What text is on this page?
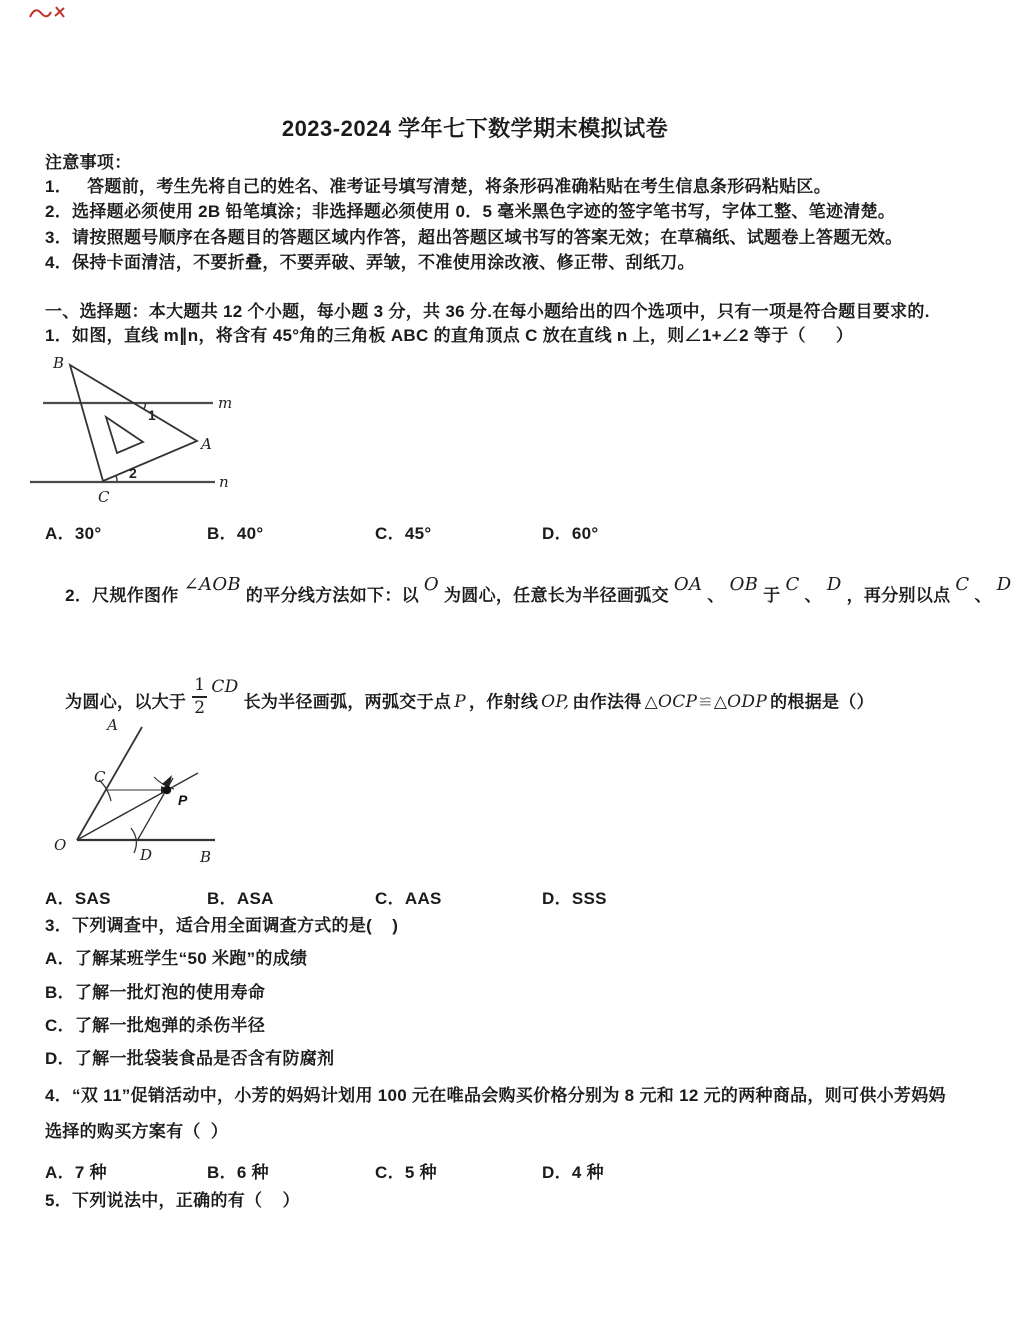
2023-2024 学年七下数学期末模拟试卷
注意事项：
1．   答题前，考生先将自己的姓名、准考证号填写清楚，将条形码准确粘贴在考生信息条形码粘贴区。
2．选择题必须使用 2B 铅笔填涂；非选择题必须使用 0．5 毫米黑色字迹的签字笔书写，字体工整、笔迹清楚。
3．请按照题号顺序在各题目的答题区域内作答，超出答题区域书写的答案无效；在草稿纸、试题卷上答题无效。
4．保持卡面清洁，不要折叠，不要弄破、弄皱，不准使用涂改液、修正带、刮纸刀。
一、选择题：本大题共 12 个小题，每小题 3 分，共 36 分.在每小题给出的四个选项中，只有一项是符合题目要求的.
1．如图，直线 m∥n，将含有 45°角的三角板 ABC 的直角顶点 C 放在直线 n 上，则∠1+∠2 等于（      ）
B
m
1
A
2	n
C
A．30°	B．40°	C．45°	D．60°

2．尺规作图作∠AOB的平分线方法如下：以O为圆心，任意长为半径画弧交OA、OB于C、D，再分别以点C、D

为圆心，以大于 $\frac{1}{2}$ CD长为半径画弧，两弧交于点 P ，作射线 OP, 由作法得 △OCP≌△ODP 的根据是（）

A
C
P
O
D	B
A．SAS	B．ASA	C．AAS	D．SSS
3．下列调查中，适合用全面调查方式的是(    )
A．了解某班学生“50 米跑”的成绩
B．了解一批灯泡的使用寿命
C．了解一批炮弹的杀伤半径
D．了解一批袋装食品是否含有防腐剂
4．“双 11”促销活动中，小芳的妈妈计划用 100 元在唯品会购买价格分别为 8 元和 12 元的两种商品，则可供小芳妈妈
选择的购买方案有（  ）
A．7 种	B．6 种	C．5 种	D．4 种
5．下列说法中，正确的有（    ）
